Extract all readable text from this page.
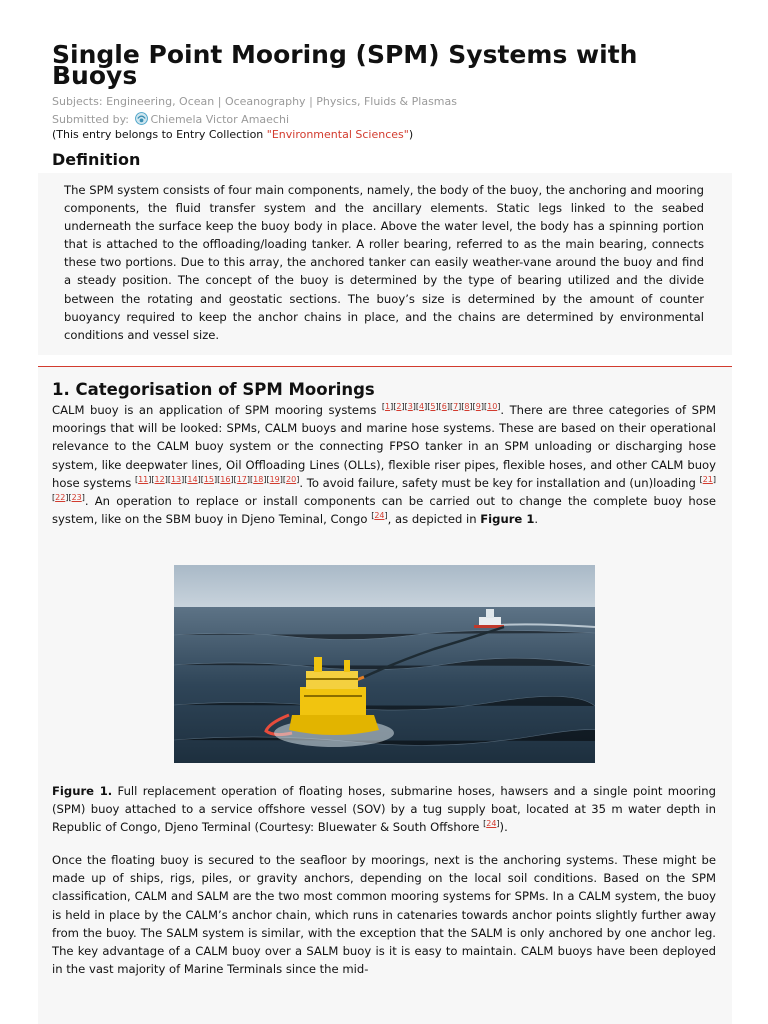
Single Point Mooring (SPM) Systems with Buoys
Subjects: Engineering, Ocean | Oceanography | Physics, Fluids & Plasmas
Submitted by: Chiemela Victor Amaechi
(This entry belongs to Entry Collection "Environmental Sciences")
Definition

The SPM system consists of four main components, namely, the body of the buoy, the anchoring and mooring components, the fluid transfer system and the ancillary elements. Static legs linked to the seabed underneath the surface keep the buoy body in place. Above the water level, the body has a spinning portion that is attached to the offloading/loading tanker. A roller bearing, referred to as the main bearing, connects these two portions. Due to this array, the anchored tanker can easily weather-vane around the buoy and find a steady position. The concept of the buoy is determined by the type of bearing utilized and the divide between the rotating and geostatic sections. The buoy’s size is determined by the amount of counter buoyancy required to keep the anchor chains in place, and the chains are determined by environmental conditions and vessel size.

1. Categorisation of SPM Moorings

CALM buoy is an application of SPM mooring systems [1][2][3][4][5][6][7][8][9][10]. There are three categories of SPM moorings that will be looked: SPMs, CALM buoys and marine hose systems. These are based on their operational relevance to the CALM buoy system or the connecting FPSO tanker in an SPM unloading or discharging hose system, like deepwater lines, Oil Offloading Lines (OLLs), flexible riser pipes, flexible hoses, and other CALM buoy hose systems [11][12][13][14][15][16][17][18][19][20]. To avoid failure, safety must be key for installation and (un)loading [21][22][23]. An operation to replace or install components can be carried out to change the complete buoy hose system, like on the SBM buoy in Djeno Teminal, Congo [24], as depicted in Figure 1.

Figure 1. Full replacement operation of floating hoses, submarine hoses, hawsers and a single point mooring (SPM) buoy attached to a service offshore vessel (SOV) by a tug supply boat, located at 35 m water depth in Republic of Congo, Djeno Terminal (Courtesy: Bluewater & South Offshore [24]).

Once the floating buoy is secured to the seafloor by moorings, next is the anchoring systems. These might be made up of ships, rigs, piles, or gravity anchors, depending on the local soil conditions. Based on the SPM classification, CALM and SALM are the two most common mooring systems for SPMs. In a CALM system, the buoy is held in place by the CALM’s anchor chain, which runs in catenaries towards anchor points slightly further away from the buoy. The SALM system is similar, with the exception that the SALM is only anchored by one anchor leg. The key advantage of a CALM buoy over a SALM buoy is it is easy to maintain. CALM buoys have been deployed in the vast majority of Marine Terminals since the mid-
